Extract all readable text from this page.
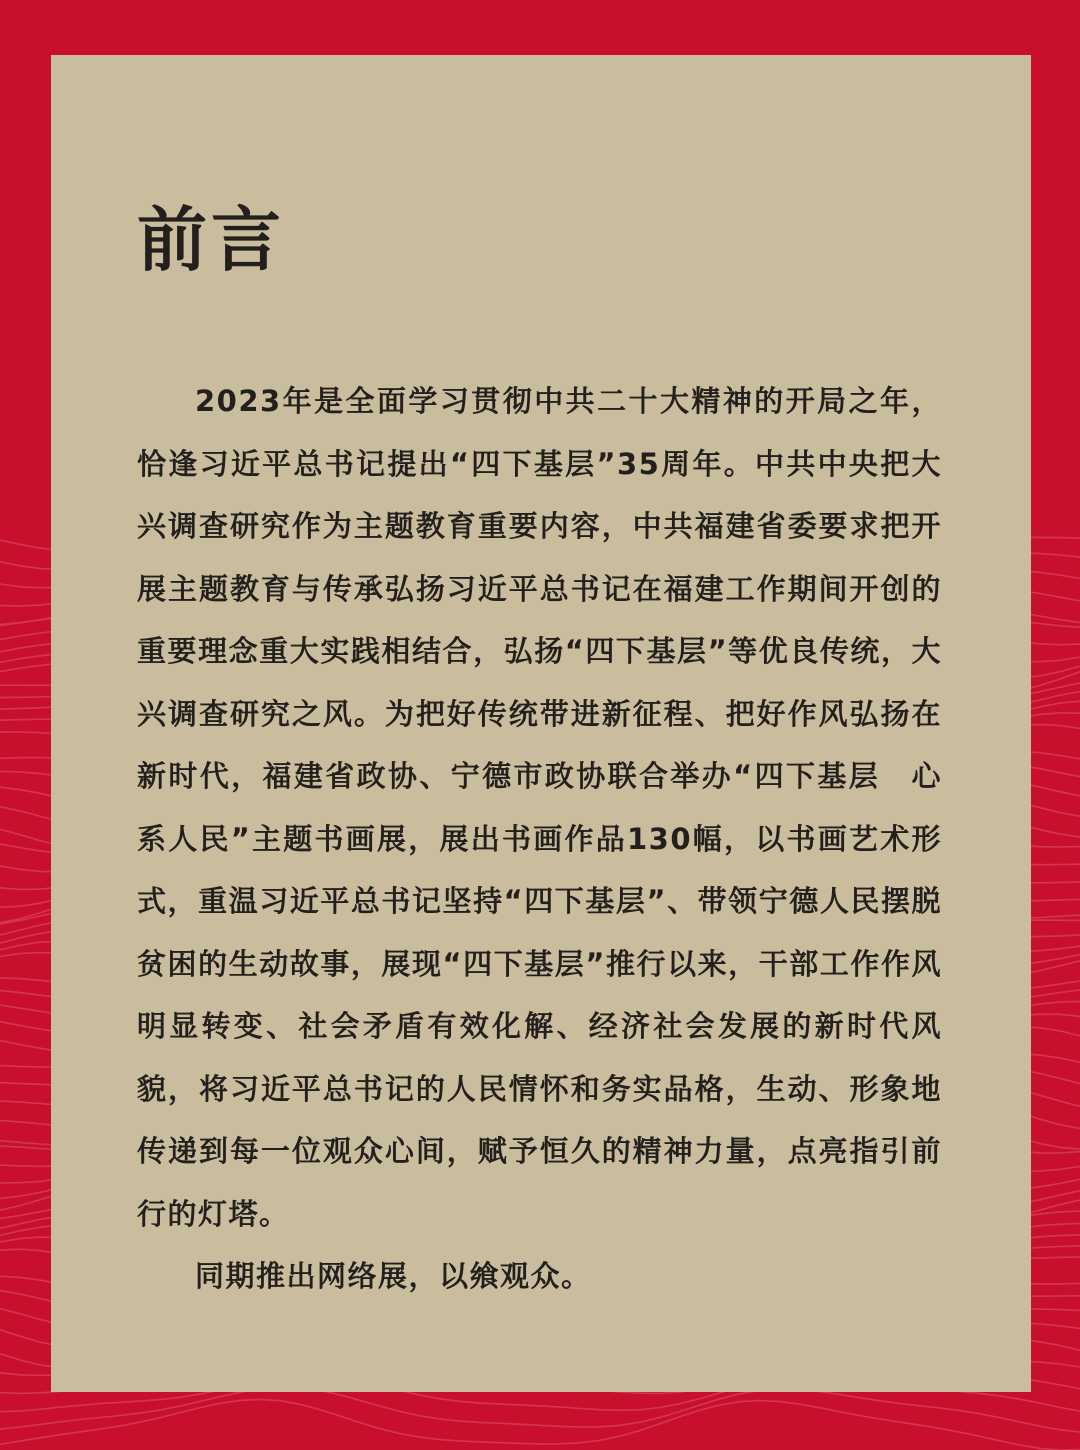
前言

2023年是全面学习贯彻中共二十大精神的开局之年，恰逢习近平总书记提出“四下基层”35周年。中共中央把大兴调查研究作为主题教育重要内容，中共福建省委要求把开展主题教育与传承弘扬习近平总书记在福建工作期间开创的重要理念重大实践相结合，弘扬“四下基层”等优良传统，大兴调查研究之风。为把好传统带进新征程、把好作风弘扬在新时代，福建省政协、宁德市政协联合举办“四下基层　心系人民”主题书画展，展出书画作品130幅，以书画艺术形式，重温习近平总书记坚持“四下基层”、带领宁德人民摆脱贫困的生动故事，展现“四下基层”推行以来，干部工作作风明显转变、社会矛盾有效化解、经济社会发展的新时代风貌，将习近平总书记的人民情怀和务实品格，生动、形象地传递到每一位观众心间，赋予恒久的精神力量，点亮指引前行的灯塔。

同期推出网络展，以飨观众。
